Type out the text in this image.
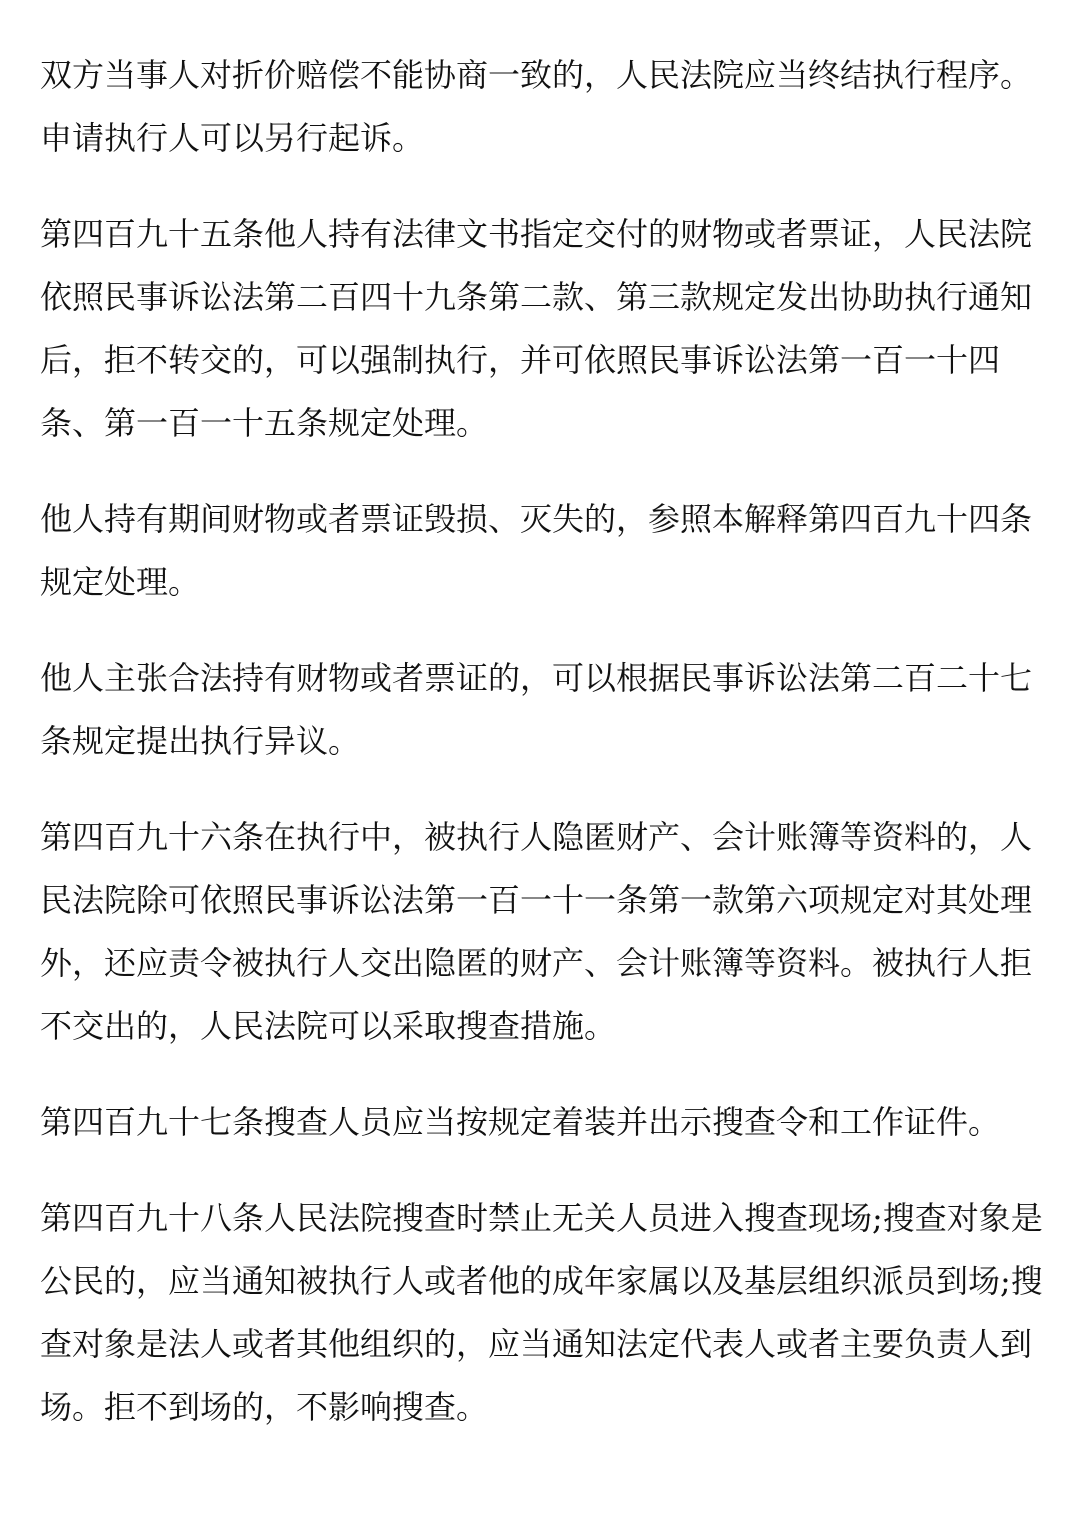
双方当事人对折价赔偿不能协商一致的，人民法院应当终结执行程序。申请执行人可以另行起诉。

第四百九十五条他人持有法律文书指定交付的财物或者票证，人民法院依照民事诉讼法第二百四十九条第二款、第三款规定发出协助执行通知后，拒不转交的，可以强制执行，并可依照民事诉讼法第一百一十四条、第一百一十五条规定处理。

他人持有期间财物或者票证毁损、灭失的，参照本解释第四百九十四条规定处理。

他人主张合法持有财物或者票证的，可以根据民事诉讼法第二百二十七条规定提出执行异议。

第四百九十六条在执行中，被执行人隐匿财产、会计账簿等资料的，人民法院除可依照民事诉讼法第一百一十一条第一款第六项规定对其处理外，还应责令被执行人交出隐匿的财产、会计账簿等资料。被执行人拒不交出的，人民法院可以采取搜查措施。

第四百九十七条搜查人员应当按规定着装并出示搜查令和工作证件。

第四百九十八条人民法院搜查时禁止无关人员进入搜查现场;搜查对象是公民的，应当通知被执行人或者他的成年家属以及基层组织派员到场;搜查对象是法人或者其他组织的，应当通知法定代表人或者主要负责人到场。拒不到场的，不影响搜查。
